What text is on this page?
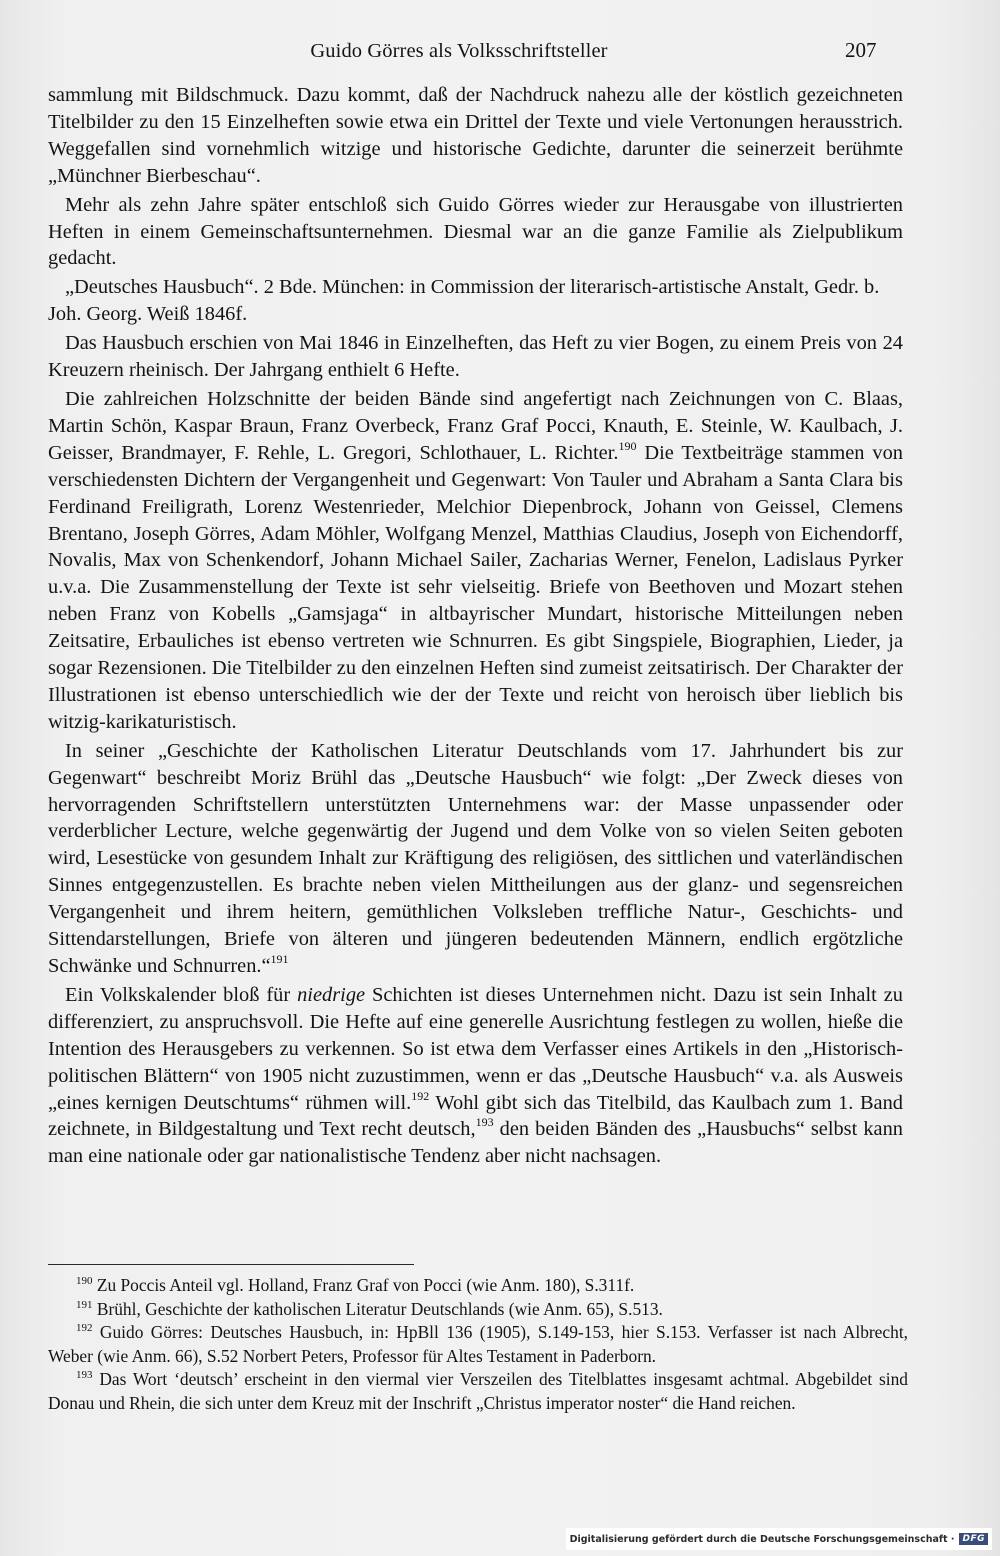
Guido Görres als Volksschriftsteller	207

sammlung mit Bildschmuck. Dazu kommt, daß der Nachdruck nahezu alle der köstlich gezeichneten Titelbilder zu den 15 Einzelheften sowie etwa ein Drittel der Texte und viele Vertonungen herausstrich. Weggefallen sind vornehmlich witzige und historische Gedichte, darunter die seinerzeit berühmte „Münchner Bierbeschau“.

Mehr als zehn Jahre später entschloß sich Guido Görres wieder zur Herausgabe von illustrierten Heften in einem Gemeinschaftsunternehmen. Diesmal war an die ganze Familie als Zielpublikum gedacht.

„Deutsches Hausbuch“. 2 Bde. München: in Commission der literarisch-artistische Anstalt, Gedr. b. Joh. Georg. Weiß 1846f.

Das Hausbuch erschien von Mai 1846 in Einzelheften, das Heft zu vier Bogen, zu einem Preis von 24 Kreuzern rheinisch. Der Jahrgang enthielt 6 Hefte.

Die zahlreichen Holzschnitte der beiden Bände sind angefertigt nach Zeichnungen von C. Blaas, Martin Schön, Kaspar Braun, Franz Overbeck, Franz Graf Pocci, Knauth, E. Steinle, W. Kaulbach, J. Geisser, Brandmayer, F. Rehle, L. Gregori, Schlothauer, L. Richter.$^{190}$ Die Textbeiträge stammen von verschiedensten Dichtern der Vergangenheit und Gegenwart: Von Tauler und Abraham a Santa Clara bis Ferdinand Freiligrath, Lorenz Westenrieder, Melchior Diepenbrock, Johann von Geissel, Clemens Brentano, Joseph Görres, Adam Möhler, Wolfgang Menzel, Matthias Claudius, Joseph von Eichendorff, Novalis, Max von Schenkendorf, Johann Michael Sailer, Zacharias Werner, Fenelon, Ladislaus Pyrker u.v.a. Die Zusammenstellung der Texte ist sehr vielseitig. Briefe von Beethoven und Mozart stehen neben Franz von Kobells „Gamsjaga“ in altbayrischer Mundart, historische Mitteilungen neben Zeitsatire, Erbauliches ist ebenso vertreten wie Schnurren. Es gibt Singspiele, Biographien, Lieder, ja sogar Rezensionen. Die Titelbilder zu den einzelnen Heften sind zumeist zeitsatirisch. Der Charakter der Illustrationen ist ebenso unterschiedlich wie der der Texte und reicht von heroisch über lieblich bis witzig-karikaturistisch.

In seiner „Geschichte der Katholischen Literatur Deutschlands vom 17. Jahrhundert bis zur Gegenwart“ beschreibt Moriz Brühl das „Deutsche Hausbuch“ wie folgt: „Der Zweck dieses von hervorragenden Schriftstellern unterstützten Unternehmens war: der Masse unpassender oder verderblicher Lecture, welche gegenwärtig der Jugend und dem Volke von so vielen Seiten geboten wird, Lesestücke von gesundem Inhalt zur Kräftigung des religiösen, des sittlichen und vaterländischen Sinnes entgegenzustellen. Es brachte neben vielen Mittheilungen aus der glanz- und segensreichen Vergangenheit und ihrem heitern, gemüthlichen Volksleben treffliche Natur-, Geschichts- und Sittendarstellungen, Briefe von älteren und jüngeren bedeutenden Männern, endlich ergötzliche Schwänke und Schnurren.“$^{191}$

Ein Volkskalender bloß für niedrige Schichten ist dieses Unternehmen nicht. Dazu ist sein Inhalt zu differenziert, zu anspruchsvoll. Die Hefte auf eine generelle Ausrichtung festlegen zu wollen, hieße die Intention des Herausgebers zu verkennen. So ist etwa dem Verfasser eines Artikels in den „Historisch-politischen Blättern“ von 1905 nicht zuzustimmen, wenn er das „Deutsche Hausbuch“ v.a. als Ausweis „eines kernigen Deutschtums“ rühmen will.$^{192}$ Wohl gibt sich das Titelbild, das Kaulbach zum 1. Band zeichnete, in Bildgestaltung und Text recht deutsch,$^{193}$ den beiden Bänden des „Hausbuchs“ selbst kann man eine nationale oder gar nationalistische Tendenz aber nicht nachsagen.

$^{190}$ Zu Poccis Anteil vgl. Holland, Franz Graf von Pocci (wie Anm. 180), S.311f.

$^{191}$ Brühl, Geschichte der katholischen Literatur Deutschlands (wie Anm. 65), S.513.

$^{192}$ Guido Görres: Deutsches Hausbuch, in: HpBll 136 (1905), S.149-153, hier S.153. Verfasser ist nach Albrecht, Weber (wie Anm. 66), S.52 Norbert Peters, Professor für Altes Testament in Paderborn.

$^{193}$ Das Wort ‘deutsch’ erscheint in den viermal vier Verszeilen des Titelblattes insgesamt achtmal. Abgebildet sind Donau und Rhein, die sich unter dem Kreuz mit der Inschrift „Christus imperator noster“ die Hand reichen.

Digitalisierung gefördert durch die Deutsche Forschungsgemeinschaft · DFG
